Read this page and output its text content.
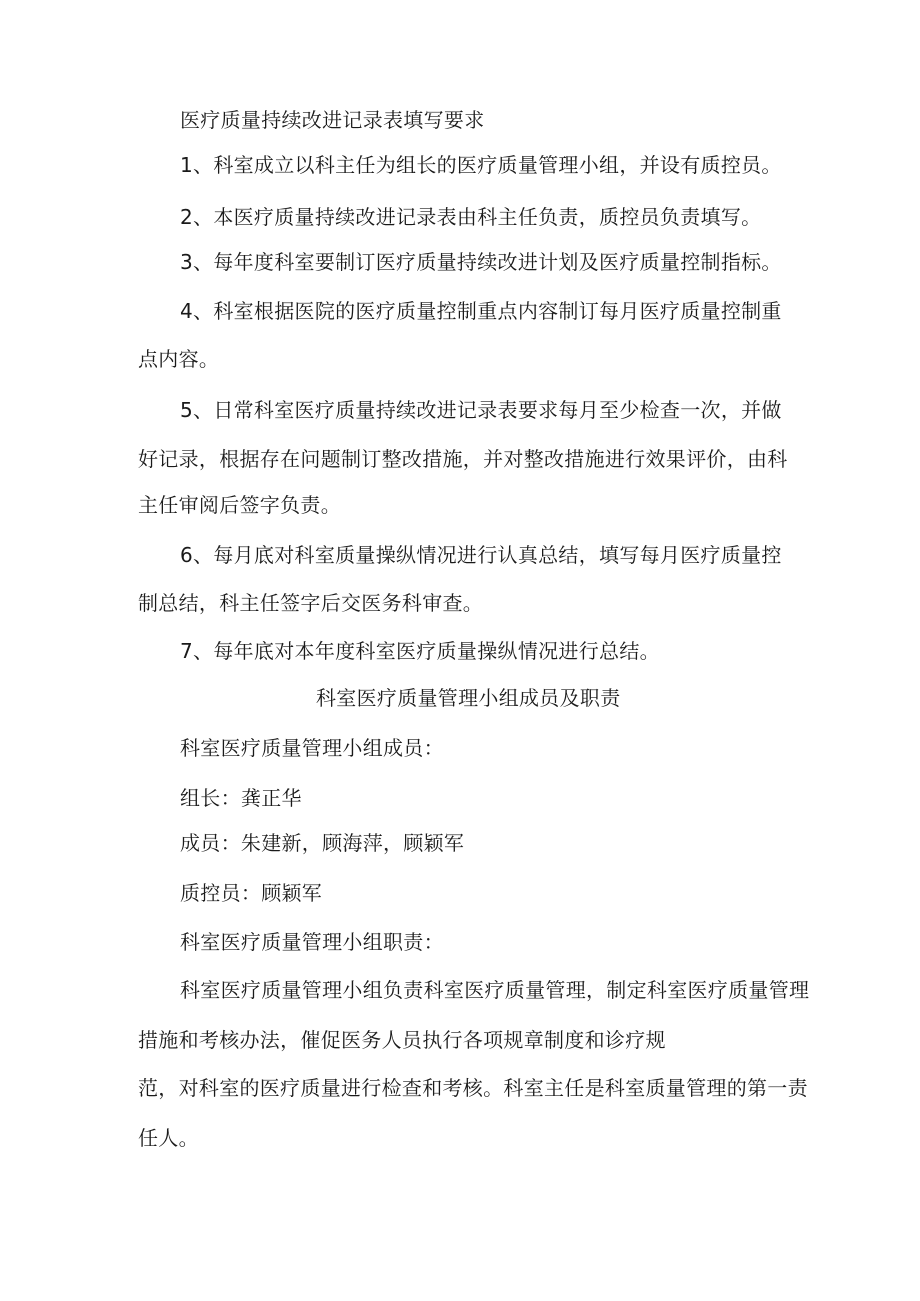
医疗质量持续改进记录表填写要求
1、科室成立以科主任为组长的医疗质量管理小组，并设有质控员。
2、本医疗质量持续改进记录表由科主任负责，质控员负责填写。
3、每年度科室要制订医疗质量持续改进计划及医疗质量控制指标。
4、科室根据医院的医疗质量控制重点内容制订每月医疗质量控制重
点内容。
5、日常科室医疗质量持续改进记录表要求每月至少检查一次，并做
好记录，根据存在问题制订整改措施，并对整改措施进行效果评价，由科
主任审阅后签字负责。
6、每月底对科室质量操纵情况进行认真总结，填写每月医疗质量控
制总结，科主任签字后交医务科审查。
7、每年底对本年度科室医疗质量操纵情况进行总结。
科室医疗质量管理小组成员及职责
科室医疗质量管理小组成员：
组长：龚正华
成员：朱建新，顾海萍，顾颖军
质控员：顾颖军
科室医疗质量管理小组职责：
科室医疗质量管理小组负责科室医疗质量管理，制定科室医疗质量管理
措施和考核办法，催促医务人员执行各项规章制度和诊疗规
范，对科室的医疗质量进行检查和考核。科室主任是科室质量管理的第一责
任人。
